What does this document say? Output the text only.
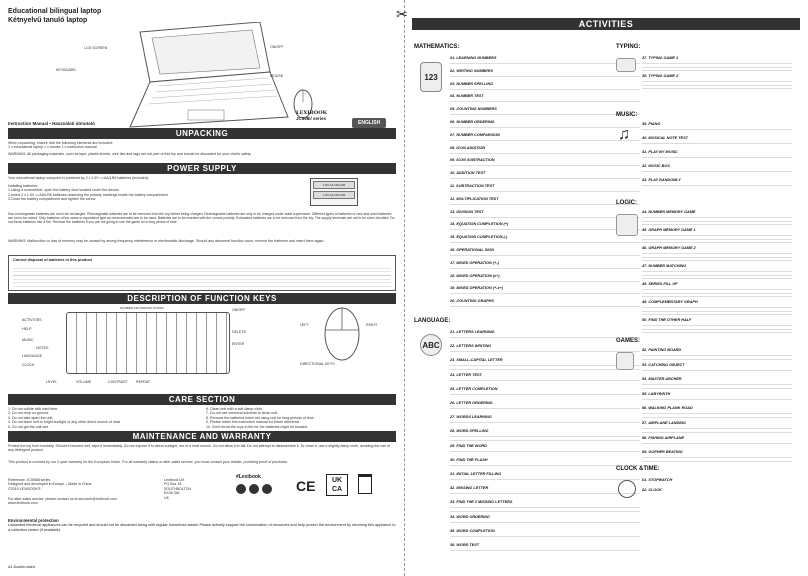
Educational bilingual laptop
Kétnyelvű tanuló laptop
LCD SCREEN
KEYBOARD
ON/OFF
MOUSE
LEXIBOOK
JC598i/ series
Instruction Manual • Használati útmutató	ENGLISH
UNPACKING
When unpacking, ensure that the following elements are included:
1 x educational laptop 1 x mouse 1 x instruction manual
WARNING: All packaging materials, such as tape, plastic sheets, wire ties and tags are not part of this toy and should be discarded for your child's safety.
POWER SUPPLY
Your educational laptop computer is powered by 2 x 1.5V ==AA/LR6 batteries (included).
Installing batteries:
1.Using a screwdriver, open the battery door located under the device.
2.Insert 2 x 1.5V ==AA/LR6 batteries observing the polarity markings inside the battery compartment.
3.Close the battery compartment and tighten the screw.
1.5V AA OR LR6
1.5V AA OR LR6
Non-rechargeable batteries are not to be recharged. Rechargeable batteries are to be removed from the toy before being charged. Rechargeable batteries are only to be charged under adult supervision. Different types of batteries or new and used batteries are not to be mixed. Only batteries of the same or equivalent type as recommended are to be used. Batteries are to be inserted with the correct polarity. Exhausted batteries are to be removed from the toy. The supply terminals are not to be short-circuited. Do not throw batteries into a fire. Remove the batteries if you are not going to use the game for a long period of time.
WARNING: Malfunction or loss of memory may be caused by strong frequency interference or electrostatic discharge. Should any abnormal function occur, remove the batteries and insert them again.
Correct disposal of batteries in this product
DESCRIPTION OF FUNCTION KEYS
NUMBER KEYS/MUSIC NOTES
ACTIVITIES
HELP
MUSIC
NOTES
LANGUAGE
CLOCK
LEVEL	VOLUME	CONTRAST REPEAT
ON/OFF
DELETE
ENTER
LEFT	RIGHT
DIRECTIONAL KEYS
CARE SECTION
1. Do not collide with hard item.
2. Do not drop on ground.
3. Do not take apart the unit.
4. Do not leave unit in bright sunlight or any other direct source of heat.
5. Do not get the unit wet.
6. Clean unit with a soft damp cloth.
7. Do not use chemical solvents to clean unit.
8. Remove the batteries when not using unit for long periods of time.
9. Please retain this instruction manual for future reference.
10. Don't throw the toys in fire for the batteries might be bloated.
MAINTENANCE AND WARRANTY
Protect the toy from humidity. Should it become wet, wipe it immediately. Do not expose it to direct sunlight, nor to a heat source. Do not allow it to fall. Do not attempt to disassemble it. To clean it, use a slightly damp cloth, avoiding the use of any detergent product.
This product is covered by our 2-year warranty for the European Union. For all warranty claims or after-sales service, you must contact your retailer, providing proof of purchase.
Reference: JC598i8 series
Designed and developed in Europe – Made in China
©2019 LEXIBOOK®
Lexibook UK
PO Box 18
SOUTHBOLTON
EX36 3AL
UK
For after-sales service, please contact us at sercomh@lexibook.com
www.lexibook.com
#Lexibook
CE	UK
CA
Environmental protection
Unwanted electrical appliances can be recycled and should not be discarded along with regular household waste! Please actively support the conservation of resources and help protect the environment by returning this appliance to a collection centre (if available).
A1-Double-sided
✂
ACTIVITIES
MATHEMATICS:
123
01. LEARNING NUMBERS
02. WRITING NUMBERS
03. NUMBER SPELLING
04. NUMBER TEST
05. COUNTING NUMBERS
06. NUMBER ORDERING
07. NUMBER COMPARISON
08. ICON ADDITION
09. ICON SUBTRACTION
10. ADDITION TEST
11. SUBTRACTION TEST
12. MULTIPLICATION TEST
13. DIVISION TEST
14. EQUATION COMPLETION (+)
15. EQUATION COMPLETION (-)
16. OPERATIONAL SIGN
17. MIXED OPERATION (+-)
18. MIXED OPERATION (x÷)
19. MIXED OPERATION (+-x÷)
20. COUNTING GRAPHS
LANGUAGE:
ABC
21. LETTERS LEARNING
22. LETTERS WRITING
23. SMALL-CAPITAL LETTER
24. LETTER TEST
25. LETTER COMPLETION
26. LETTER ORDERING
27. WORDS LEARNING
28. WORD SPELLING
29. FIND THE WORD
30. FIND THE FLASH
31. INITIAL LETTER FILLING
32. MISSING LETTER
33. FIND THE 2 MISSING LETTERS
34. WORD ORDERING
35. WORD COMPLETION
36. WORD TEST
TYPING:
37. TYPING GAME 1
38. TYPING GAME 2
MUSIC:
♫
39. PIANO
40. MUSICAL NOTE TEST
41. PLAY BY MUSIC
42. MUSIC BOX
43. PLAY RANDOMLY
LOGIC:
44. NUMBER MEMORY GAME
45. GRAPH MEMORY GAME 1
46. GRAPH MEMORY GAME 2
47. NUMBER MATCHING
48. SERIES FILL UP
49. COMPLEMENTARY GRAPH
50. FIND THE OTHER HALF
GAMES:
52. PAINTING BOARD
53. CATCHING OBJECT
54. MASTER ARCHER
55. LABYRINTH
56. WALKING PLANK ROAD
57. AIRPLANE LANDING
58. FISHING AIRPLANE
59. GOPHER BEATING
CLOCK &TIME:
61. STOPWATCH
62. CLOCK
